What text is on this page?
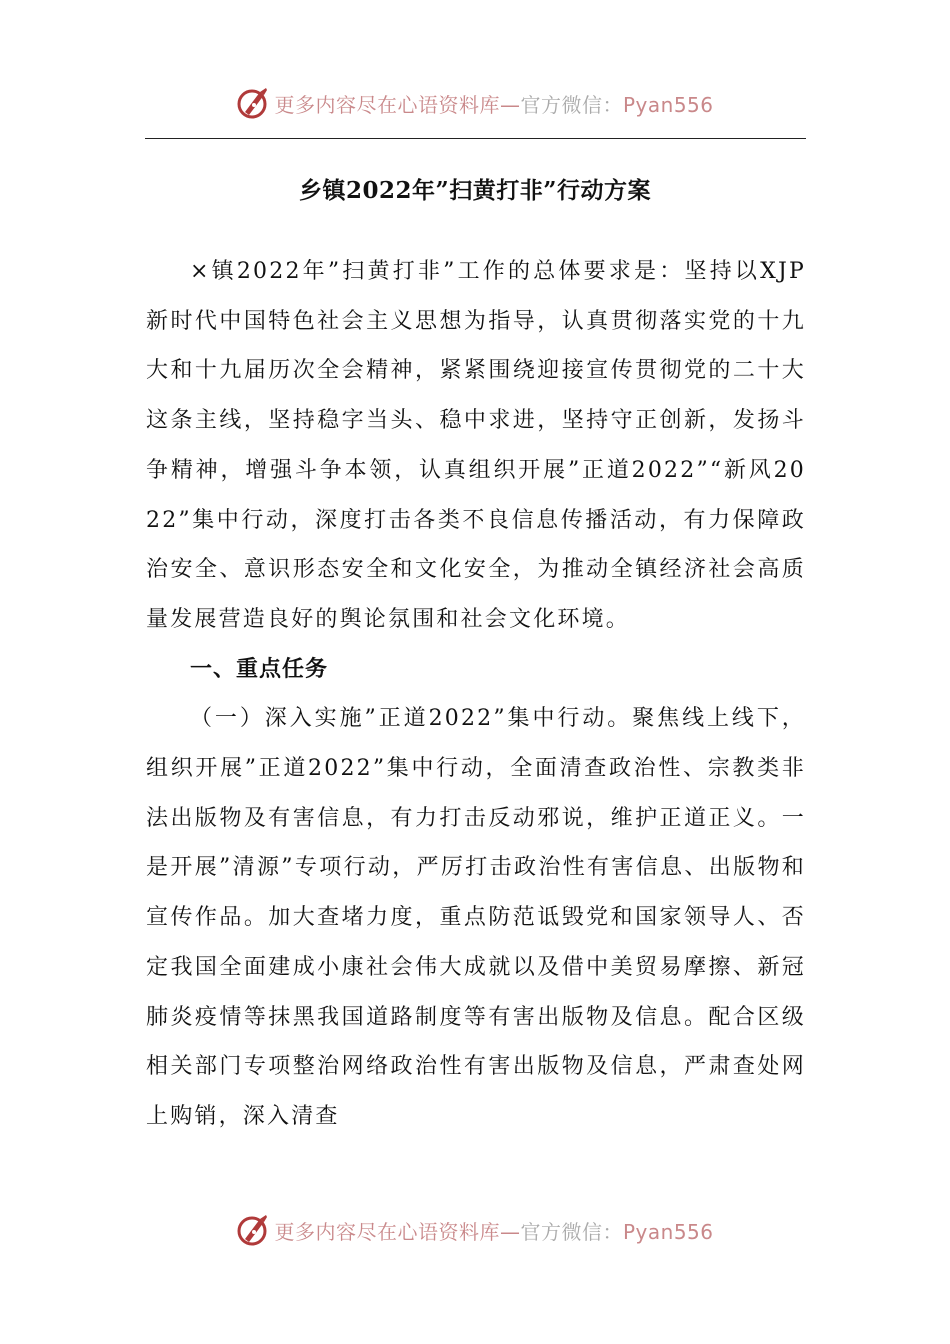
更多内容尽在心语资料库—官方微信：Pyan556
乡镇2022年”扫黄打非”行动方案

×镇2022年”扫黄打非”工作的总体要求是：坚持以XJP新时代中国特色社会主义思想为指导，认真贯彻落实党的十九大和十九届历次全会精神，紧紧围绕迎接宣传贯彻党的二十大这条主线，坚持稳字当头、稳中求进，坚持守正创新，发扬斗争精神，增强斗争本领，认真组织开展”正道2022”“新风2022”集中行动，深度打击各类不良信息传播活动，有力保障政治安全、意识形态安全和文化安全，为推动全镇经济社会高质量发展营造良好的舆论氛围和社会文化环境。

一、重点任务

（一）深入实施”正道2022”集中行动。聚焦线上线下，组织开展”正道2022”集中行动，全面清查政治性、宗教类非法出版物及有害信息，有力打击反动邪说，维护正道正义。一是开展”清源”专项行动，严厉打击政治性有害信息、出版物和宣传作品。加大查堵力度，重点防范诋毁党和国家领导人、否定我国全面建成小康社会伟大成就以及借中美贸易摩擦、新冠肺炎疫情等抹黑我国道路制度等有害出版物及信息。配合区级相关部门专项整治网络政治性有害出版物及信息，严肃查处网上购销，深入清查

更多内容尽在心语资料库—官方微信：Pyan556
